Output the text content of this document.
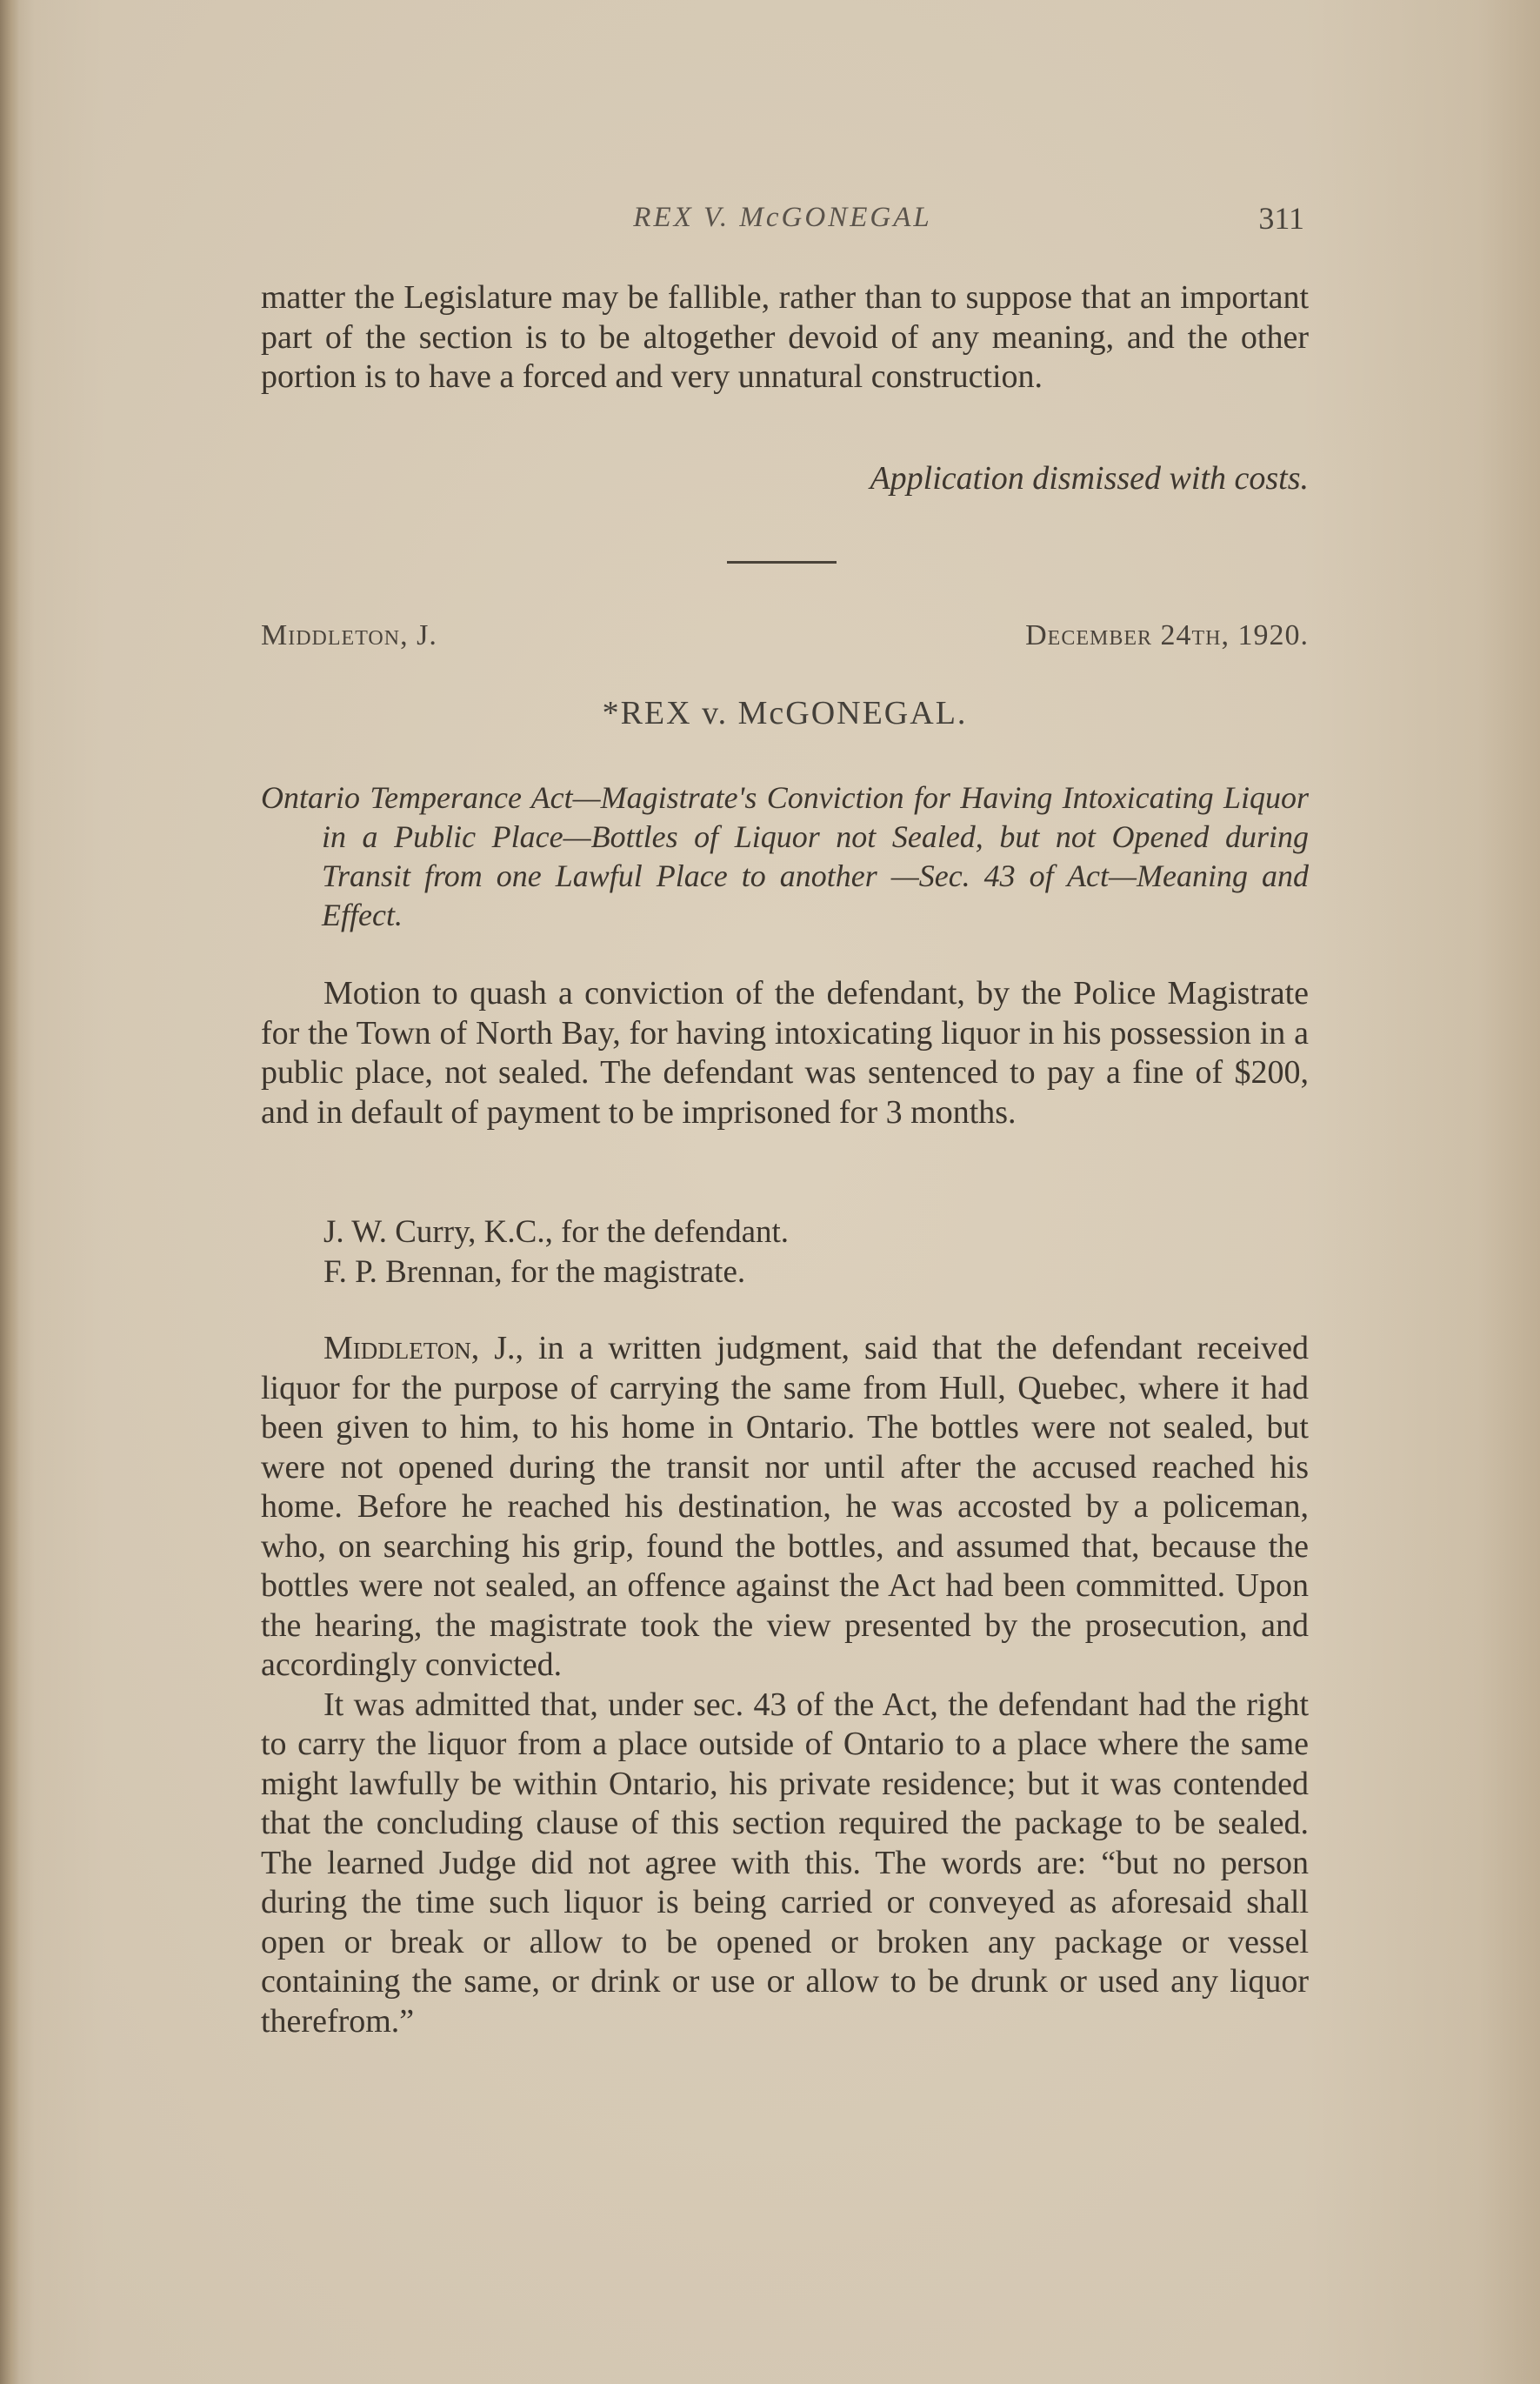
REX V. McGONEGAL	311

matter the Legislature may be fallible, rather than to suppose that an important part of the section is to be altogether devoid of any meaning, and the other portion is to have a forced and very unnatural construction.

Application dismissed with costs.
Middleton, J.	December 24th, 1920.
*REX v. McGONEGAL.
Ontario Temperance Act—Magistrate's Conviction for Having Intoxicating Liquor in a Public Place—Bottles of Liquor not Sealed, but not Opened during Transit from one Lawful Place to another —Sec. 43 of Act—Meaning and Effect.

Motion to quash a conviction of the defendant, by the Police Magistrate for the Town of North Bay, for having intoxicating liquor in his possession in a public place, not sealed. The defendant was sentenced to pay a fine of $200, and in default of payment to be imprisoned for 3 months.

J. W. Curry, K.C., for the defendant.
F. P. Brennan, for the magistrate.

Middleton, J., in a written judgment, said that the defendant received liquor for the purpose of carrying the same from Hull, Quebec, where it had been given to him, to his home in Ontario. The bottles were not sealed, but were not opened during the transit nor until after the accused reached his home. Before he reached his destination, he was accosted by a policeman, who, on searching his grip, found the bottles, and assumed that, because the bottles were not sealed, an offence against the Act had been committed. Upon the hearing, the magistrate took the view presented by the prosecution, and accordingly convicted.

It was admitted that, under sec. 43 of the Act, the defendant had the right to carry the liquor from a place outside of Ontario to a place where the same might lawfully be within Ontario, his private residence; but it was contended that the concluding clause of this section required the package to be sealed. The learned Judge did not agree with this. The words are: “but no person during the time such liquor is being carried or conveyed as aforesaid shall open or break or allow to be opened or broken any package or vessel containing the same, or drink or use or allow to be drunk or used any liquor therefrom.”
